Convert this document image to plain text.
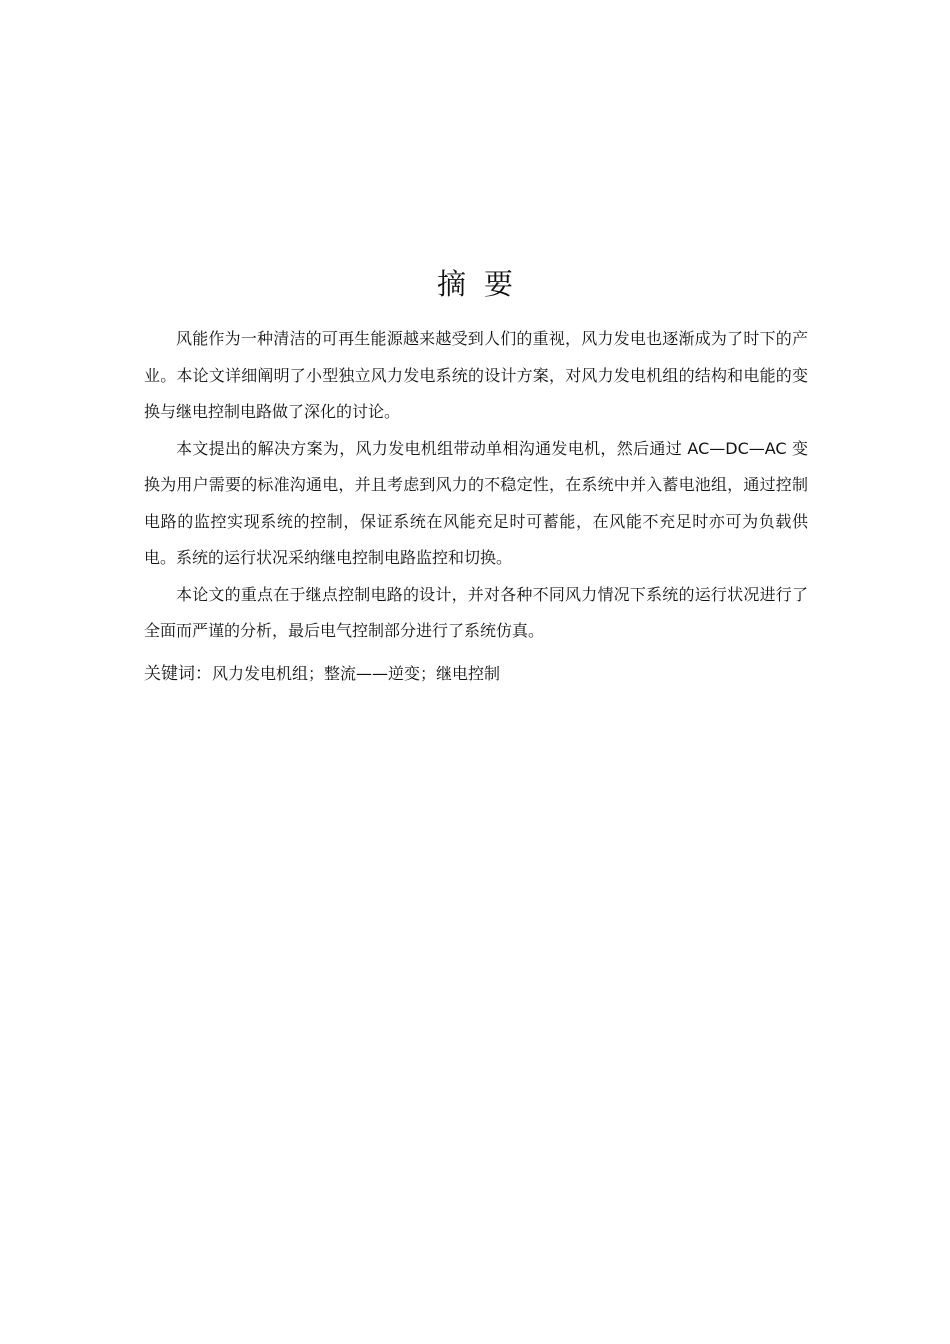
摘要

风能作为一种清洁的可再生能源越来越受到人们的重视，风力发电也逐渐成为了时下的产业。本论文详细阐明了小型独立风力发电系统的设计方案，对风力发电机组的结构和电能的变换与继电控制电路做了深化的讨论。

本文提出的解决方案为，风力发电机组带动单相沟通发电机，然后通过 AC—DC—AC 变换为用户需要的标准沟通电，并且考虑到风力的不稳定性，在系统中并入蓄电池组，通过控制电路的监控实现系统的控制，保证系统在风能充足时可蓄能，在风能不充足时亦可为负载供电。系统的运行状况采纳继电控制电路监控和切换。

本论文的重点在于继点控制电路的设计，并对各种不同风力情况下系统的运行状况进行了全面而严谨的分析，最后电气控制部分进行了系统仿真。

关键词：风力发电机组；整流——逆变；继电控制
